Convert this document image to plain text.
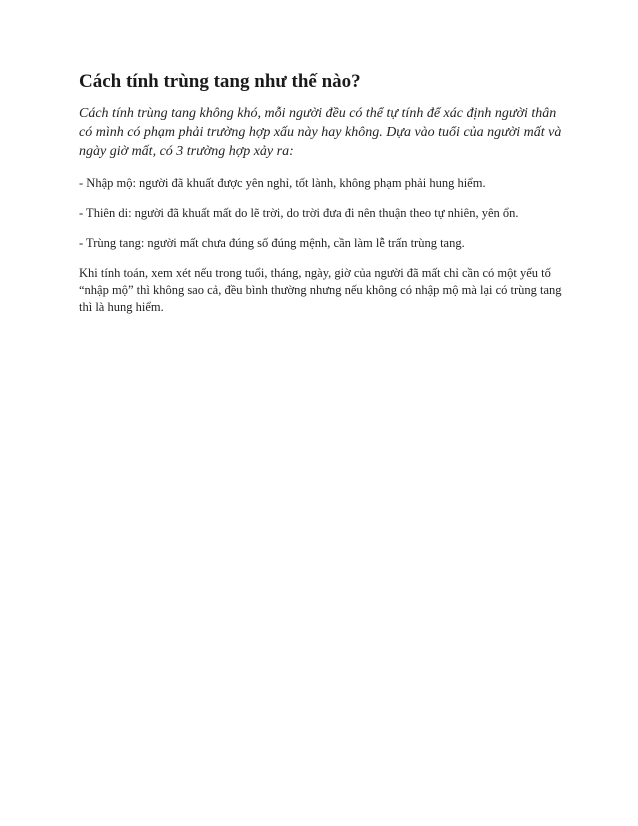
Cách tính trùng tang như thế nào?

Cách tính trùng tang không khó, mỗi người đều có thể tự tính để xác định người thân có mình có phạm phải trường hợp xấu này hay không. Dựa vào tuổi của người mất và ngày giờ mất, có 3 trường hợp xảy ra:

- Nhập mộ: người đã khuất được yên nghỉ, tốt lành, không phạm phải hung hiểm.

- Thiên di: người đã khuất mất do lẽ trời, do trời đưa đi nên thuận theo tự nhiên, yên ổn.

- Trùng tang: người mất chưa đúng số đúng mệnh, cần làm lễ trấn trùng tang.

Khi tính toán, xem xét nếu trong tuổi, tháng, ngày, giờ của người đã mất chỉ cần có một yếu tố “nhập mộ” thì không sao cả, đều bình thường nhưng nếu không có nhập mộ mà lại có trùng tang thì là hung hiểm.
